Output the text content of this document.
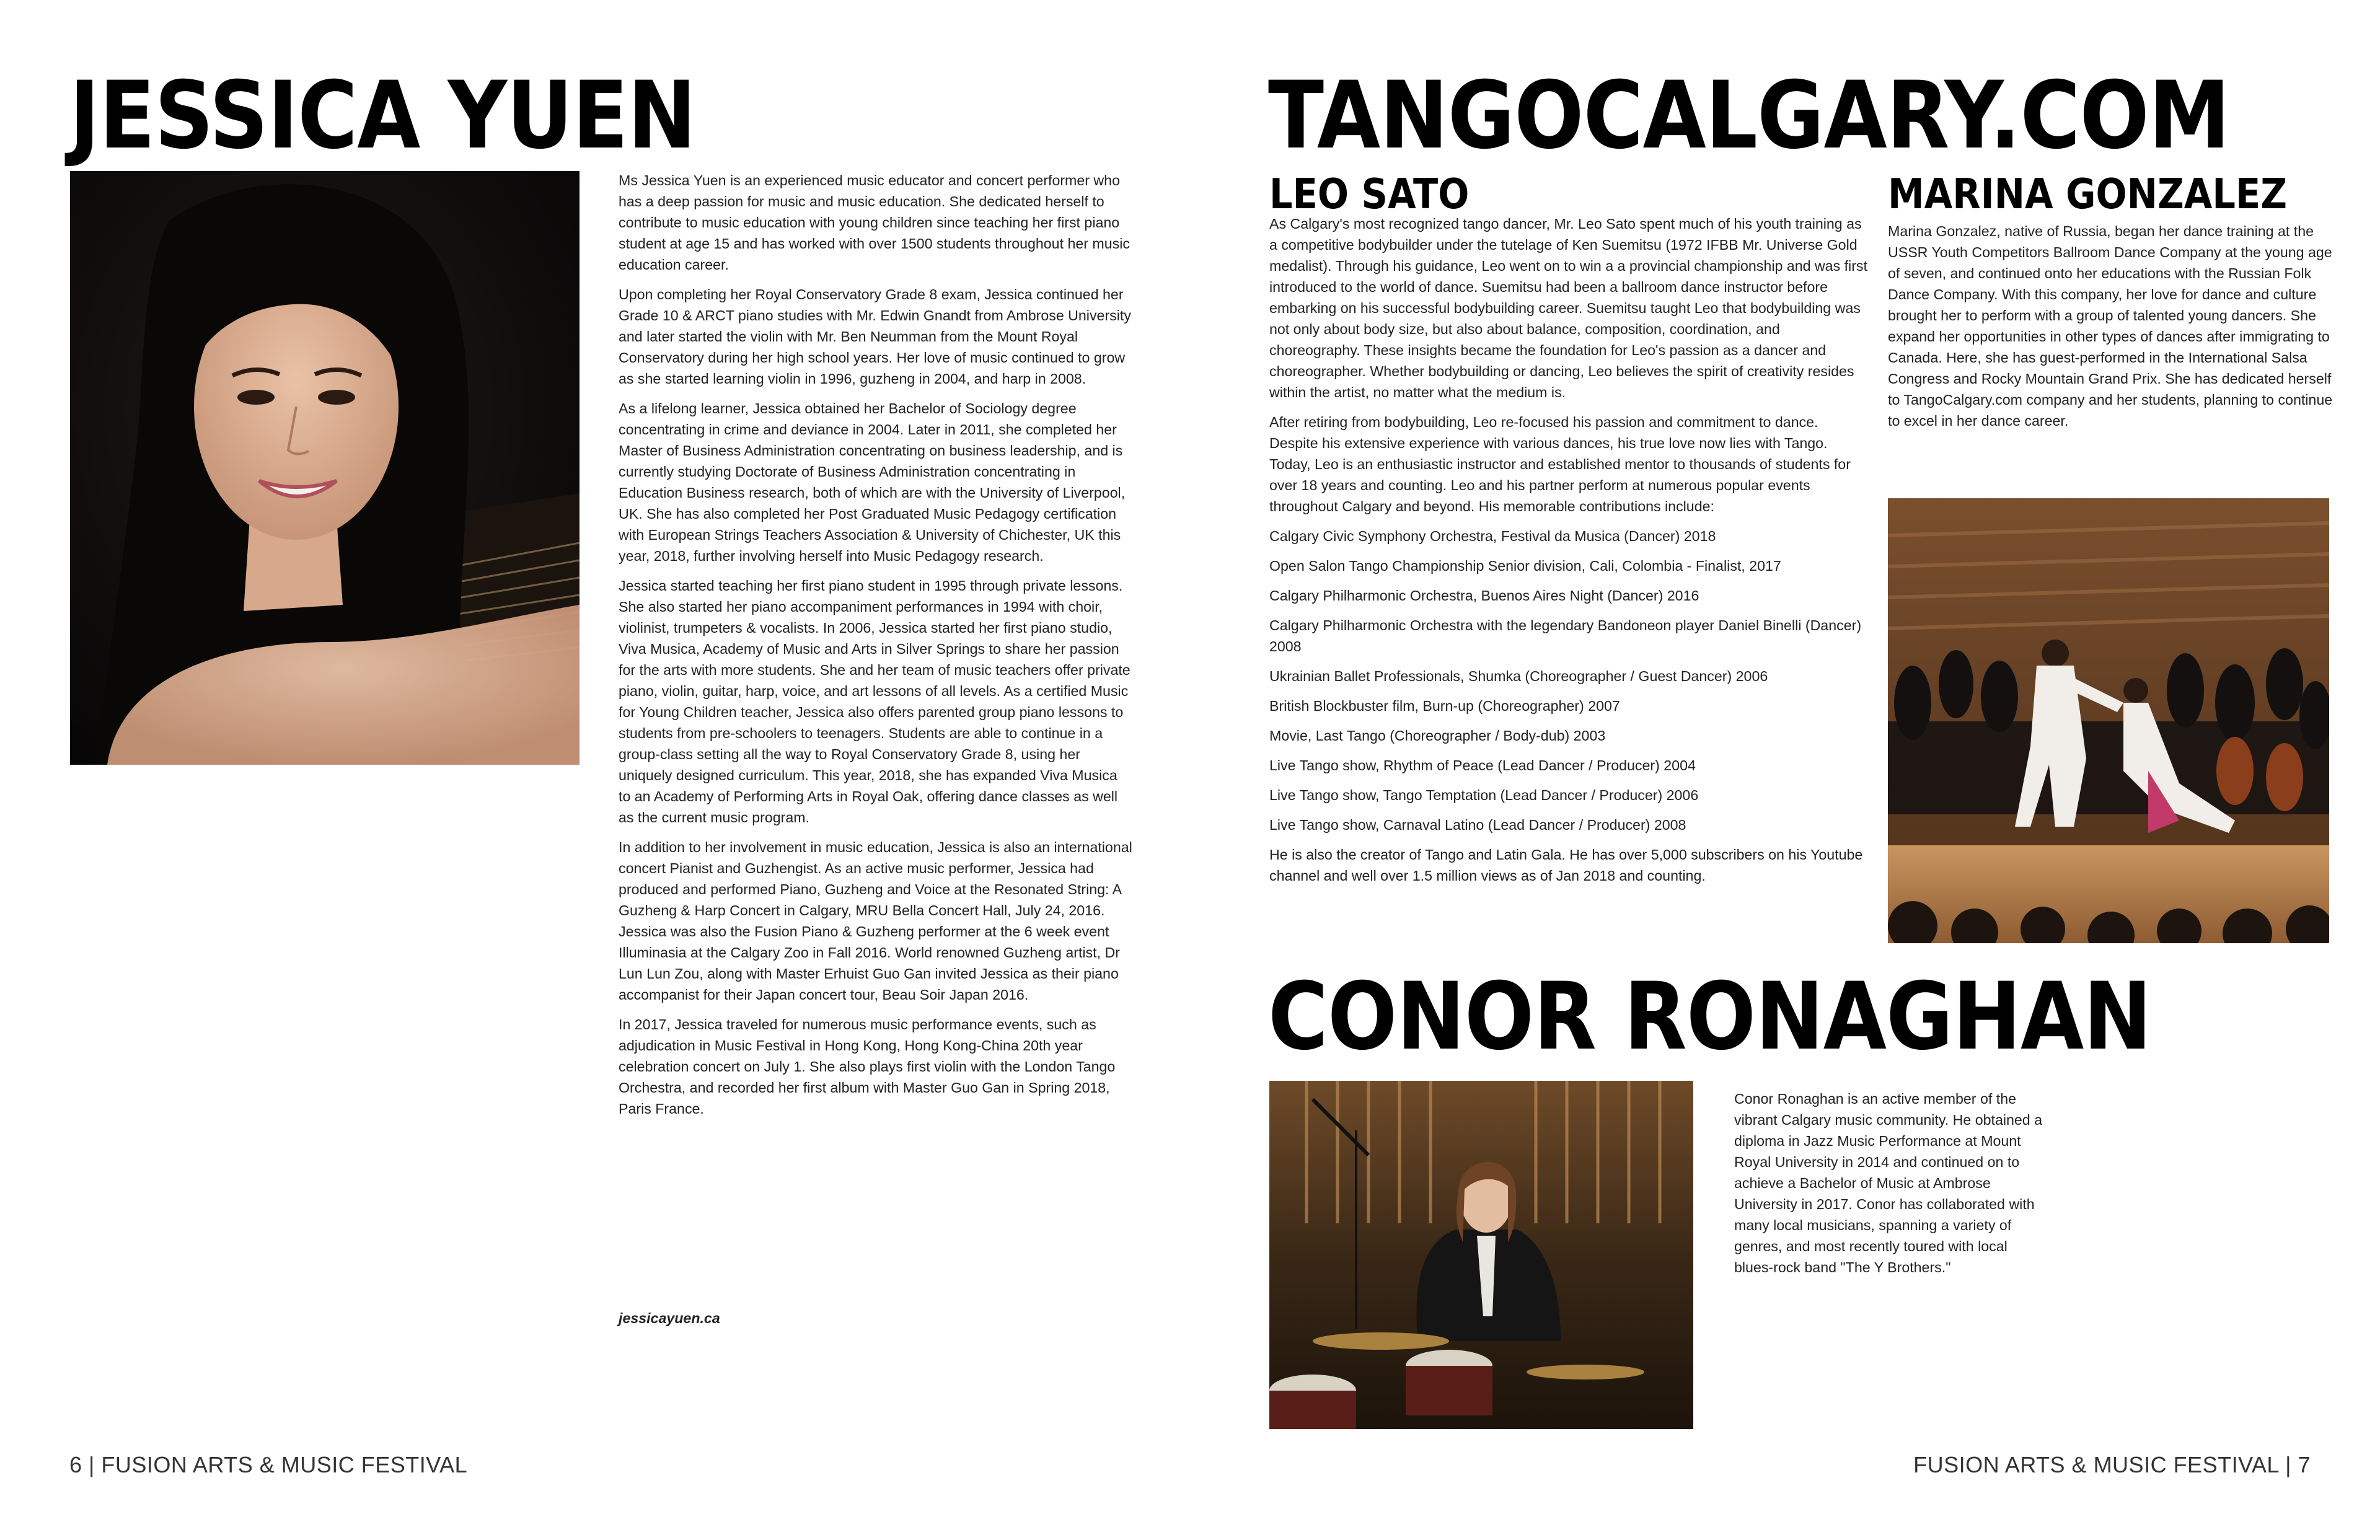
JESSICA YUEN

Ms Jessica Yuen is an experienced music educator and concert performer who has a deep passion for music and music education. She dedicated herself to contribute to music education with young children since teaching her first piano student at age 15 and has worked with over 1500 students throughout her music education career.

Upon completing her Royal Conservatory Grade 8 exam, Jessica continued her Grade 10 & ARCT piano studies with Mr. Edwin Gnandt from Ambrose University and later started the violin with Mr. Ben Neumman from the Mount Royal Conservatory during her high school years. Her love of music continued to grow as she started learning violin in 1996, guzheng in 2004, and harp in 2008.

As a lifelong learner, Jessica obtained her Bachelor of Sociology degree concentrating in crime and deviance in 2004. Later in 2011, she completed her Master of Business Administration concentrating on business leadership, and is currently studying Doctorate of Business Administration concentrating in Education Business research, both of which are with the University of Liverpool, UK. She has also completed her Post Graduated Music Pedagogy certification with European Strings Teachers Association & University of Chichester, UK this year, 2018, further involving herself into Music Pedagogy research.

Jessica started teaching her first piano student in 1995 through private lessons. She also started her piano accompaniment performances in 1994 with choir, violinist, trumpeters & vocalists. In 2006, Jessica started her first piano studio, Viva Musica, Academy of Music and Arts in Silver Springs to share her passion for the arts with more students. She and her team of music teachers offer private piano, violin, guitar, harp, voice, and art lessons of all levels. As a certified Music for Young Children teacher, Jessica also offers parented group piano lessons to students from pre-schoolers to teenagers. Students are able to continue in a group-class setting all the way to Royal Conservatory Grade 8, using her uniquely designed curriculum. This year, 2018, she has expanded Viva Musica to an Academy of Performing Arts in Royal Oak, offering dance classes as well as the current music program.

In addition to her involvement in music education, Jessica is also an international concert Pianist and Guzhengist. As an active music performer, Jessica had produced and performed Piano, Guzheng and Voice at the Resonated String: A Guzheng & Harp Concert in Calgary, MRU Bella Concert Hall, July 24, 2016. Jessica was also the Fusion Piano & Guzheng performer at the 6 week event Illuminasia at the Calgary Zoo in Fall 2016. World renowned Guzheng artist, Dr Lun Lun Zou, along with Master Erhuist Guo Gan invited Jessica as their piano accompanist for their Japan concert tour, Beau Soir Japan 2016.

In 2017, Jessica traveled for numerous music performance events, such as adjudication in Music Festival in Hong Kong, Hong Kong-China 20th year celebration concert on July 1. She also plays first violin with the London Tango Orchestra, and recorded her first album with Master Guo Gan in Spring 2018, Paris France.

jessicayuen.ca
6 | FUSION ARTS & MUSIC FESTIVAL
TANGOCALGARY.COM
LEO SATO

As Calgary's most recognized tango dancer, Mr. Leo Sato spent much of his youth training as a competitive bodybuilder under the tutelage of Ken Suemitsu (1972 IFBB Mr. Universe Gold medalist). Through his guidance, Leo went on to win a a provincial championship and was first introduced to the world of dance. Suemitsu had been a ballroom dance instructor before embarking on his successful bodybuilding career. Suemitsu taught Leo that bodybuilding was not only about body size, but also about balance, composition, coordination, and choreography. These insights became the foundation for Leo's passion as a dancer and choreographer. Whether bodybuilding or dancing, Leo believes the spirit of creativity resides within the artist, no matter what the medium is.

After retiring from bodybuilding, Leo re-focused his passion and commitment to dance. Despite his extensive experience with various dances, his true love now lies with Tango. Today, Leo is an enthusiastic instructor and established mentor to thousands of students for over 18 years and counting. Leo and his partner perform at numerous popular events throughout Calgary and beyond. His memorable contributions include:

Calgary Civic Symphony Orchestra, Festival da Musica (Dancer) 2018
Open Salon Tango Championship Senior division, Cali, Colombia - Finalist, 2017
Calgary Philharmonic Orchestra, Buenos Aires Night (Dancer) 2016
Calgary Philharmonic Orchestra with the legendary Bandoneon player Daniel Binelli (Dancer) 2008
Ukrainian Ballet Professionals, Shumka (Choreographer / Guest Dancer) 2006
British Blockbuster film, Burn-up (Choreographer) 2007
Movie, Last Tango (Choreographer / Body-dub) 2003
Live Tango show, Rhythm of Peace (Lead Dancer / Producer) 2004
Live Tango show, Tango Temptation (Lead Dancer / Producer) 2006
Live Tango show, Carnaval Latino (Lead Dancer / Producer) 2008

He is also the creator of Tango and Latin Gala. He has over 5,000 subscribers on his Youtube channel and well over 1.5 million views as of Jan 2018 and counting.

MARINA GONZALEZ

Marina Gonzalez, native of Russia, began her dance training at the USSR Youth Competitors Ballroom Dance Company at the young age of seven, and continued onto her educations with the Russian Folk Dance Company. With this company, her love for dance and culture brought her to perform with a group of talented young dancers. She expand her opportunities in other types of dances after immigrating to Canada. Here, she has guest-performed in the International Salsa Congress and Rocky Mountain Grand Prix. She has dedicated herself to TangoCalgary.com company and her students, planning to continue to excel in her dance career.

CONOR RONAGHAN

Conor Ronaghan is an active member of the vibrant Calgary music community. He obtained a diploma in Jazz Music Performance at Mount Royal University in 2014 and continued on to achieve a Bachelor of Music at Ambrose University in 2017. Conor has collaborated with many local musicians, spanning a variety of genres, and most recently toured with local blues-rock band "The Y Brothers."

FUSION ARTS & MUSIC FESTIVAL | 7
